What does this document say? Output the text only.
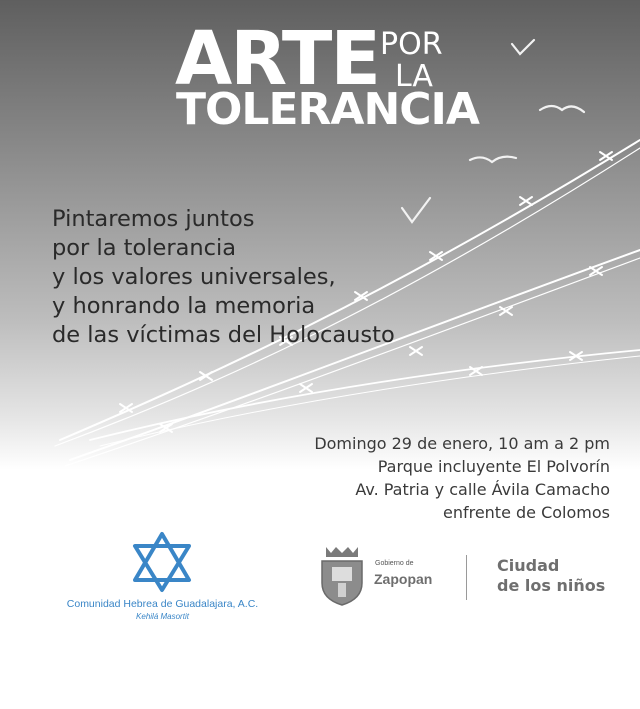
ARTE POR
LA
TOLERANCIA
Pintaremos juntos
por la tolerancia
y los valores universales,
y honrando la memoria
de las víctimas del Holocausto
Domingo 29 de enero, 10 am a 2 pm
Parque incluyente El Polvorín
Av. Patria y calle Ávila Camacho
enfrente de Colomos
Comunidad Hebrea de Guadalajara, A.C.
Kehilá Masortit
Gobierno de
Zapopan
Ciudad
de los niños
